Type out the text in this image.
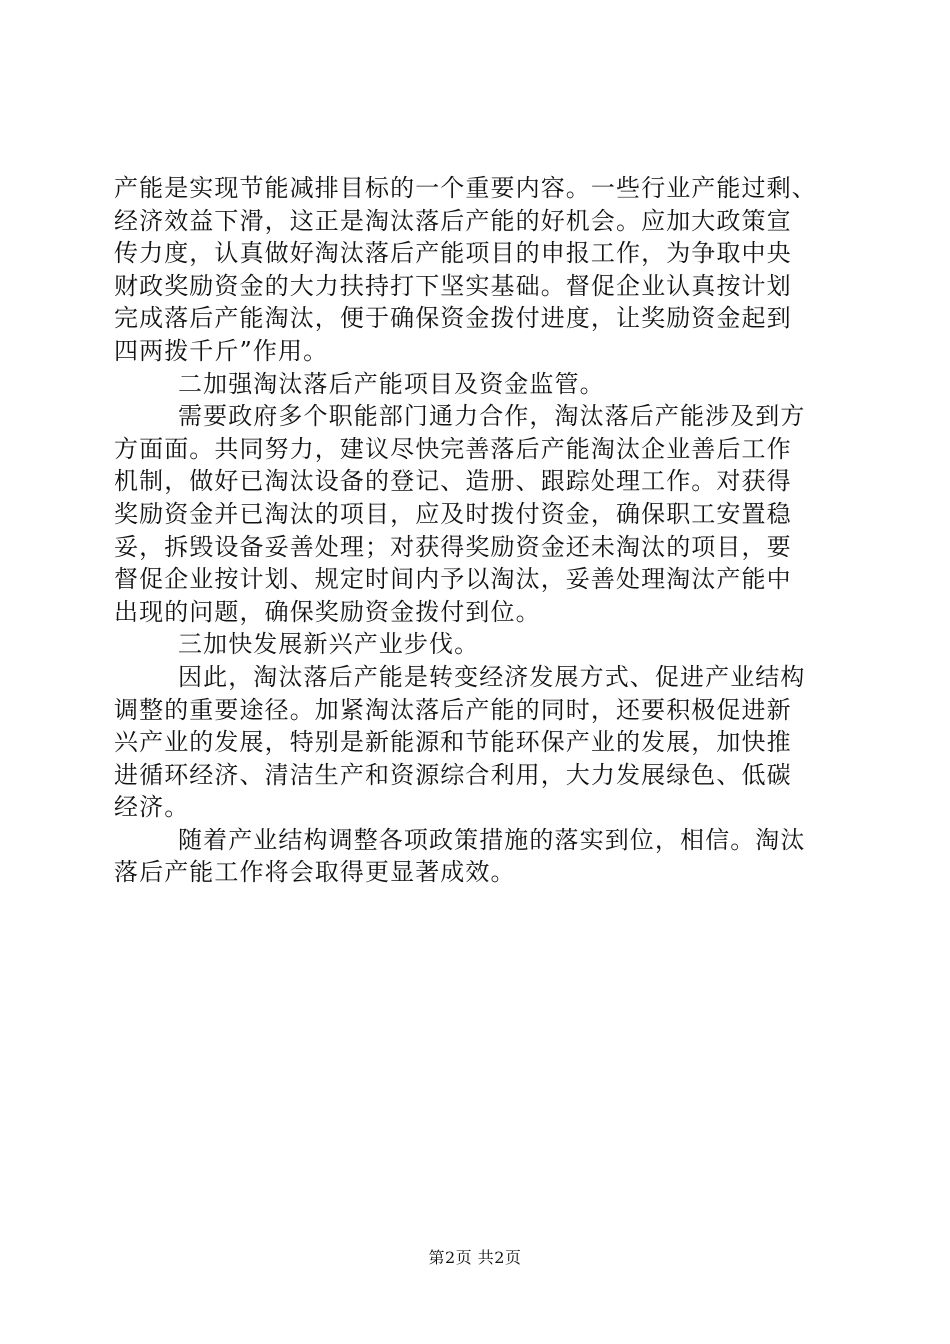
产能是实现节能减排目标的一个重要内容。一些行业产能过剩、
经济效益下滑，这正是淘汰落后产能的好机会。应加大政策宣
传力度，认真做好淘汰落后产能项目的申报工作，为争取中央
财政奖励资金的大力扶持打下坚实基础。督促企业认真按计划
完成落后产能淘汰，便于确保资金拨付进度，让奖励资金起到
四两拨千斤”作用。
二加强淘汰落后产能项目及资金监管。
需要政府多个职能部门通力合作，淘汰落后产能涉及到方
方面面。共同努力，建议尽快完善落后产能淘汰企业善后工作
机制，做好已淘汰设备的登记、造册、跟踪处理工作。对获得
奖励资金并已淘汰的项目，应及时拨付资金，确保职工安置稳
妥，拆毁设备妥善处理；对获得奖励资金还未淘汰的项目，要
督促企业按计划、规定时间内予以淘汰，妥善处理淘汰产能中
出现的问题，确保奖励资金拨付到位。
三加快发展新兴产业步伐。
因此，淘汰落后产能是转变经济发展方式、促进产业结构
调整的重要途径。加紧淘汰落后产能的同时，还要积极促进新
兴产业的发展，特别是新能源和节能环保产业的发展，加快推
进循环经济、清洁生产和资源综合利用，大力发展绿色、低碳
经济。
随着产业结构调整各项政策措施的落实到位，相信。淘汰
落后产能工作将会取得更显著成效。
第2页 共2页
